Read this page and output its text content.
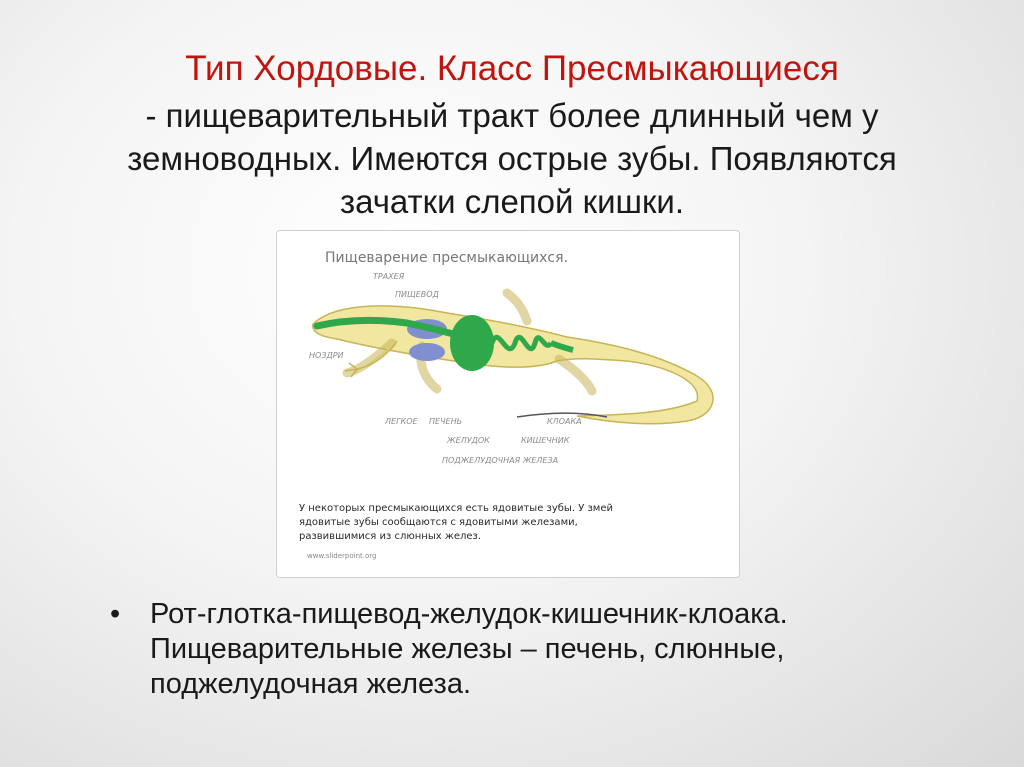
Тип Хордовые. Класс Пресмыкающиеся
- пищеварительный тракт более длинный чем у
земноводных. Имеются острые зубы. Появляются
зачатки слепой кишки.
Пищеварение пресмыкающихся.
ТРАХЕЯ
ПИЩЕВОД
НОЗДРИ
ЛЕГКОЕ ПЕЧЕНЬ
ЖЕЛУДОК
ПОДЖЕЛУДОЧНАЯ ЖЕЛЕЗА
КИШЕЧНИК
КЛОАКА
У некоторых пресмыкающихся есть ядовитые зубы. У змей
ядовитые зубы сообщаются с ядовитыми железами,
развившимися из слюнных желез.
www.sliderpoint.org
• Рот-глотка-пищевод-желудок-кишечник-клоака.
Пищеварительные железы – печень, слюнные,
поджелудочная железа.
